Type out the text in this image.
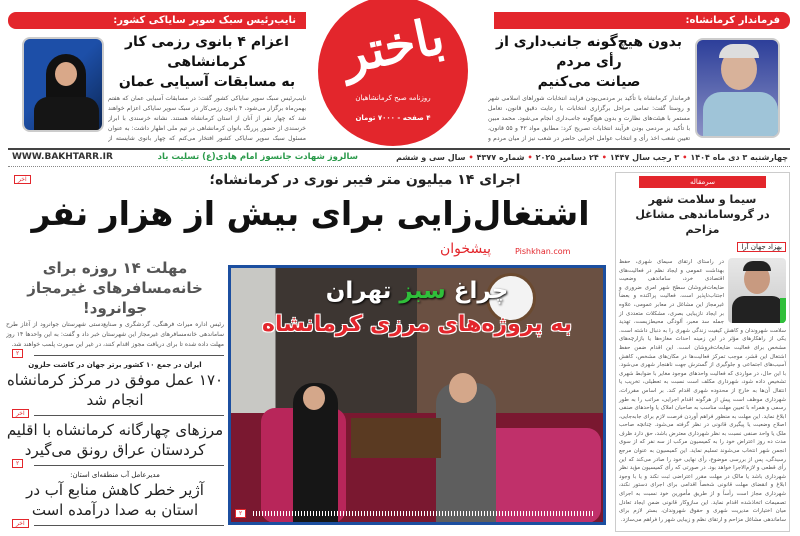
نایب‌رئیس سبک سوپر سایاکی کشور:
اعزام ۴ بانوی رزمی کار کرمانشاهی
به مسابقات آسیایی عمان
نایب‌رئیس سبک سوپر سایاکی کشور گفت: در مسابقات آسیایی عمان که هفتم بهمن‌ماه برگزار می‌شود، ۴ بانوی رزمی‌کار در سبک سوپر سایاکی اعزام خواهند شد که چهار نفر از آنان از استان کرمانشاه هستند. نشانه خرسندی با ابراز خرسندی از حضور پررنگ بانوان کرمانشاهی در تیم ملی اظهار داشت: به عنوان مسئول سبک سوپر سایاکی کشور افتخار می‌کنم که چهار بانوی شایسته از
باختر
روزنامه صبح کرمانشاهیان
۴ صفحه - ۷۰۰۰ تومان
فرماندار کرمانشاه:
بدون هیچ‌گونه جانب‌داری از رأی مردم
صیانت می‌کنیم
فرماندار کرمانشاه با تأکید بر مردمی‌بودن فرایند انتخابات شوراهای اسلامی شهر و روستا گفت: تمامی مراحل برگزاری انتخابات با رعایت دقیق قانون، تعامل مستمر با هیئت‌های نظارت و بدون هیچ‌گونه جانب‌داری انجام می‌شود. محمد مبین با تأکید بر مردمی بودن فرآیند انتخابات تصریح کرد: مطابق مواد ۴۲ و ۵۵ قانون، تعیین شعب اخذ رأی و انتخاب عوامل اجرایی حاضر در شعب نیز از میان مردم و
WWW.BAKHTARR.IR	سالروز شهادت جانسوز امام هادی(ع) تسلیت باد	چهارشنبه ۳ دی ماه ۱۴۰۴
•
۳ رجب سال ۱۴۴۷
•
۲۴ دسامبر ۲۰۲۵
•
شماره ۴۳۷۷
•
سال سی و ششم
آخر	اجرای ۱۴ میلیون متر فیبر نوری در کرمانشاه؛
اشتغال‌زایی برای بیش از هزار نفر
پیشخوان	Pishkhan.com
چراغ سبز تهران
به پروژه‌های مرزی کرمانشاه
۲
مهلت ۱۴ روزه برای خانه‌مسافرهای غیرمجاز جوانرود!
رئیس اداره میراث فرهنگی، گردشگری و صنایع‌دستی شهرستان جوانرود از آغاز طرح ساماندهی خانه‌مسافرهای غیرمجاز این شهرستان خبر داد و گفت: به این واحدها ۱۴ روز مهلت داده شده تا برای دریافت مجوز اقدام کنند، در غیر این صورت پلمب خواهند شد.
۲
ایران در جمع ۱۰ کشور برتر جهان در کاشت حلزون
۱۷۰ عمل موفق در مرکز کرمانشاه انجام شد
آخر
مرزهای چهارگانه کرمانشاه با اقلیم کردستان عراق رونق می‌گیرد
۲
مدیرعامل آب منطقه‌ای استان:
آژیر خطر کاهش منابع آب در استان به صدا درآمده است
آخر
سرمقاله
سیما و سلامت شهر
در گروساماندهی مشاغل مزاحم
بهزاد جهان آرا
در راستای ارتقای سیمای شهری، حفظ بهداشت عمومی و ایجاد نظم در فعالیت‌های اقتصادی خرد، ساماندهی وضعیت ضایعات‌فروشان سطح شهر امری ضروری و اجتناب‌ناپذیر است. فعالیت پراکنده و بعضاً غیرمجاز این مشاغل در معابر عمومی، علاوه بر ایجاد نازیبایی بصری، مشکلات متعددی از جمله سد معبر، آلودگی محیط‌زیست، تهدید سلامت شهروندان و کاهش کیفیت زندگی شهری را به دنبال داشته است. یکی از راهکارهای مؤثر در این زمینه احداث مغازه‌ها یا بازارچه‌های مشخص برای فعالیت ضایعات‌فروشان است. این اقدام ضمن حفظ اشتغال این قشر، موجب تمرکز فعالیت‌ها در مکان‌های مشخص، کاهش آسیب‌های اجتماعی و جلوگیری از گسترش جهت ناهنجار شهری می‌شود. با این حال، در مواردی که فعالیت واحدهای موجود مغایر با ضوابط شهری تشخیص داده شود، شهرداری مکلف است نسبت به تعطیلی، تخریب یا انتقال آن‌ها به خارج از محدوده شهری اقدام کند. بر اساس مقررات، شهرداری موظف است پیش از هرگونه اقدام اجرایی، مراتب را به طور رسمی و همراه با تعیین مهلت مناسب به صاحبان املاک یا واحدهای صنفی ابلاغ نماید. این مهلت به منظور فراهم آوردن فرصت لازم برای جابه‌جایی، اصلاح وضعیت یا پیگیری قانونی در نظر گرفته می‌شود. چنانچه صاحب ملک یا واحد صنفی نسبت به نظر شهرداری معترض باشد، حق دارد ظرف مدت ده روز اعتراض خود را به کمیسیون مرکب از سه نفر که از سوی انجمن شهر انتخاب می‌شوند تسلیم نماید. این کمیسیون به عنوان مرجع رسیدگی، پس از بررسی موضوع، رأی نهایی خود را صادر می‌کند که این رأی قطعی و لازم‌الاجرا خواهد بود. در صورتی که رأی کمیسیون مؤید نظر شهرداری باشد یا مالک در مهلت مقرر اعتراضی ثبت نکند و یا با وجود ابلاغ و انقضای مهلت قانونی شخصاً اقدامی برای اجرای دستور نکند، شهرداری مجاز است رأساً و از طریق مأمورین خود نسبت به اجرای تصمیمات اتخاذشده اقدام نماید. این سازوکار قانونی ضمن ایجاد تعادل میان اختیارات مدیریت شهری و حقوق شهروندان، بستر لازم برای ساماندهی مشاغل مزاحم و ارتقای نظم و زیبایی شهر را فراهم می‌سازد.
